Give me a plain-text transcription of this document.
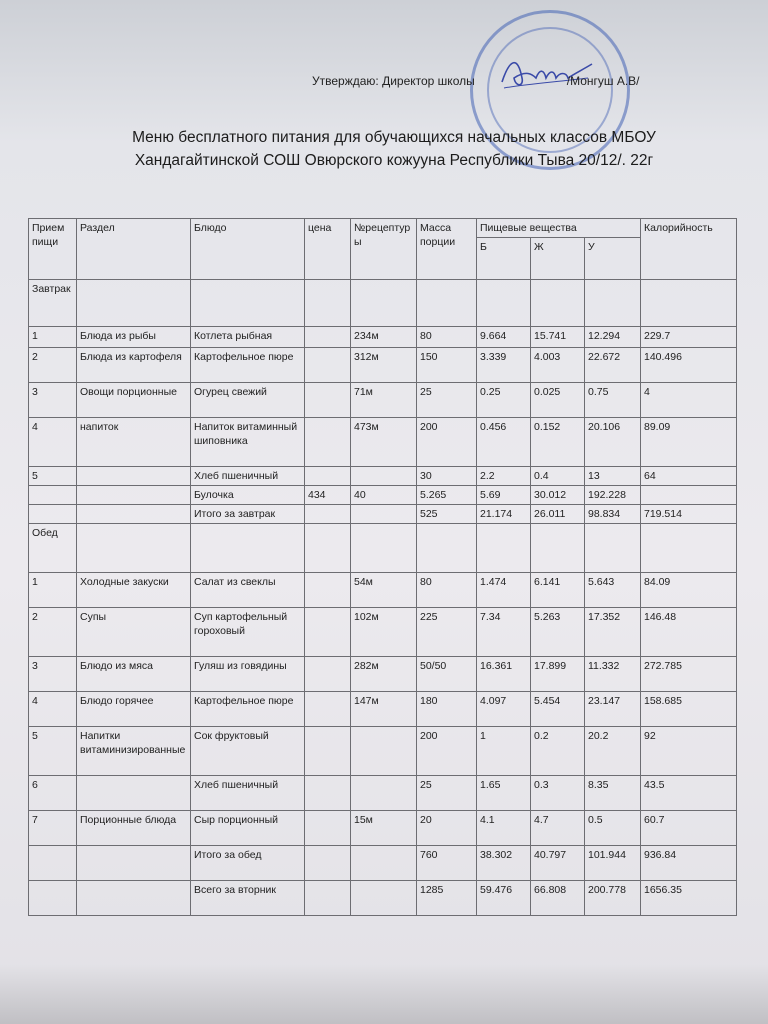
Утверждаю: Директор школы	/Монгуш А.В/
Меню бесплатного питания для обучающихся начальных классов МБОУ
Хандагайтинской СОШ Овюрского кожууна Республики Тыва 20/12/. 22г
Прием пищи	Раздел	Блюдо	цена	№рецептуры	Масса порции	Пищевые вещества			Калорийность
						Б	Ж	У	
Завтрак									
1	Блюда из рыбы	Котлета рыбная		234м	80	9.664	15.741	12.294	229.7
2	Блюда из картофеля	Картофельное пюре		312м	150	3.339	4.003	22.672	140.496
3	Овощи порционные	Огурец свежий		71м	25	0.25	0.025	0.75	4
4	напиток	Напиток витаминный шиповника		473м	200	0.456	0.152	20.106	89.09
5		Хлеб пшеничный			30	2.2	0.4	13	64
		Булочка	434	40	5.265	5.69	30.012	192.228	
		Итого за завтрак			525	21.174	26.011	98.834	719.514
Обед									
1	Холодные закуски	Салат из свеклы		54м	80	1.474	6.141	5.643	84.09
2	Супы	Суп картофельный гороховый		102м	225	7.34	5.263	17.352	146.48
3	Блюдо из мяса	Гуляш из говядины		282м	50/50	16.361	17.899	11.332	272.785
4	Блюдо горячее	Картофельное пюре		147м	180	4.097	5.454	23.147	158.685
5	Напитки витаминизированные	Сок фруктовый			200	1	0.2	20.2	92
6		Хлеб пшеничный			25	1.65	0.3	8.35	43.5
7	Порционные блюда	Сыр порционный		15м	20	4.1	4.7	0.5	60.7
		Итого за обед			760	38.302	40.797	101.944	936.84
		Всего за вторник			1285	59.476	66.808	200.778	1656.35
